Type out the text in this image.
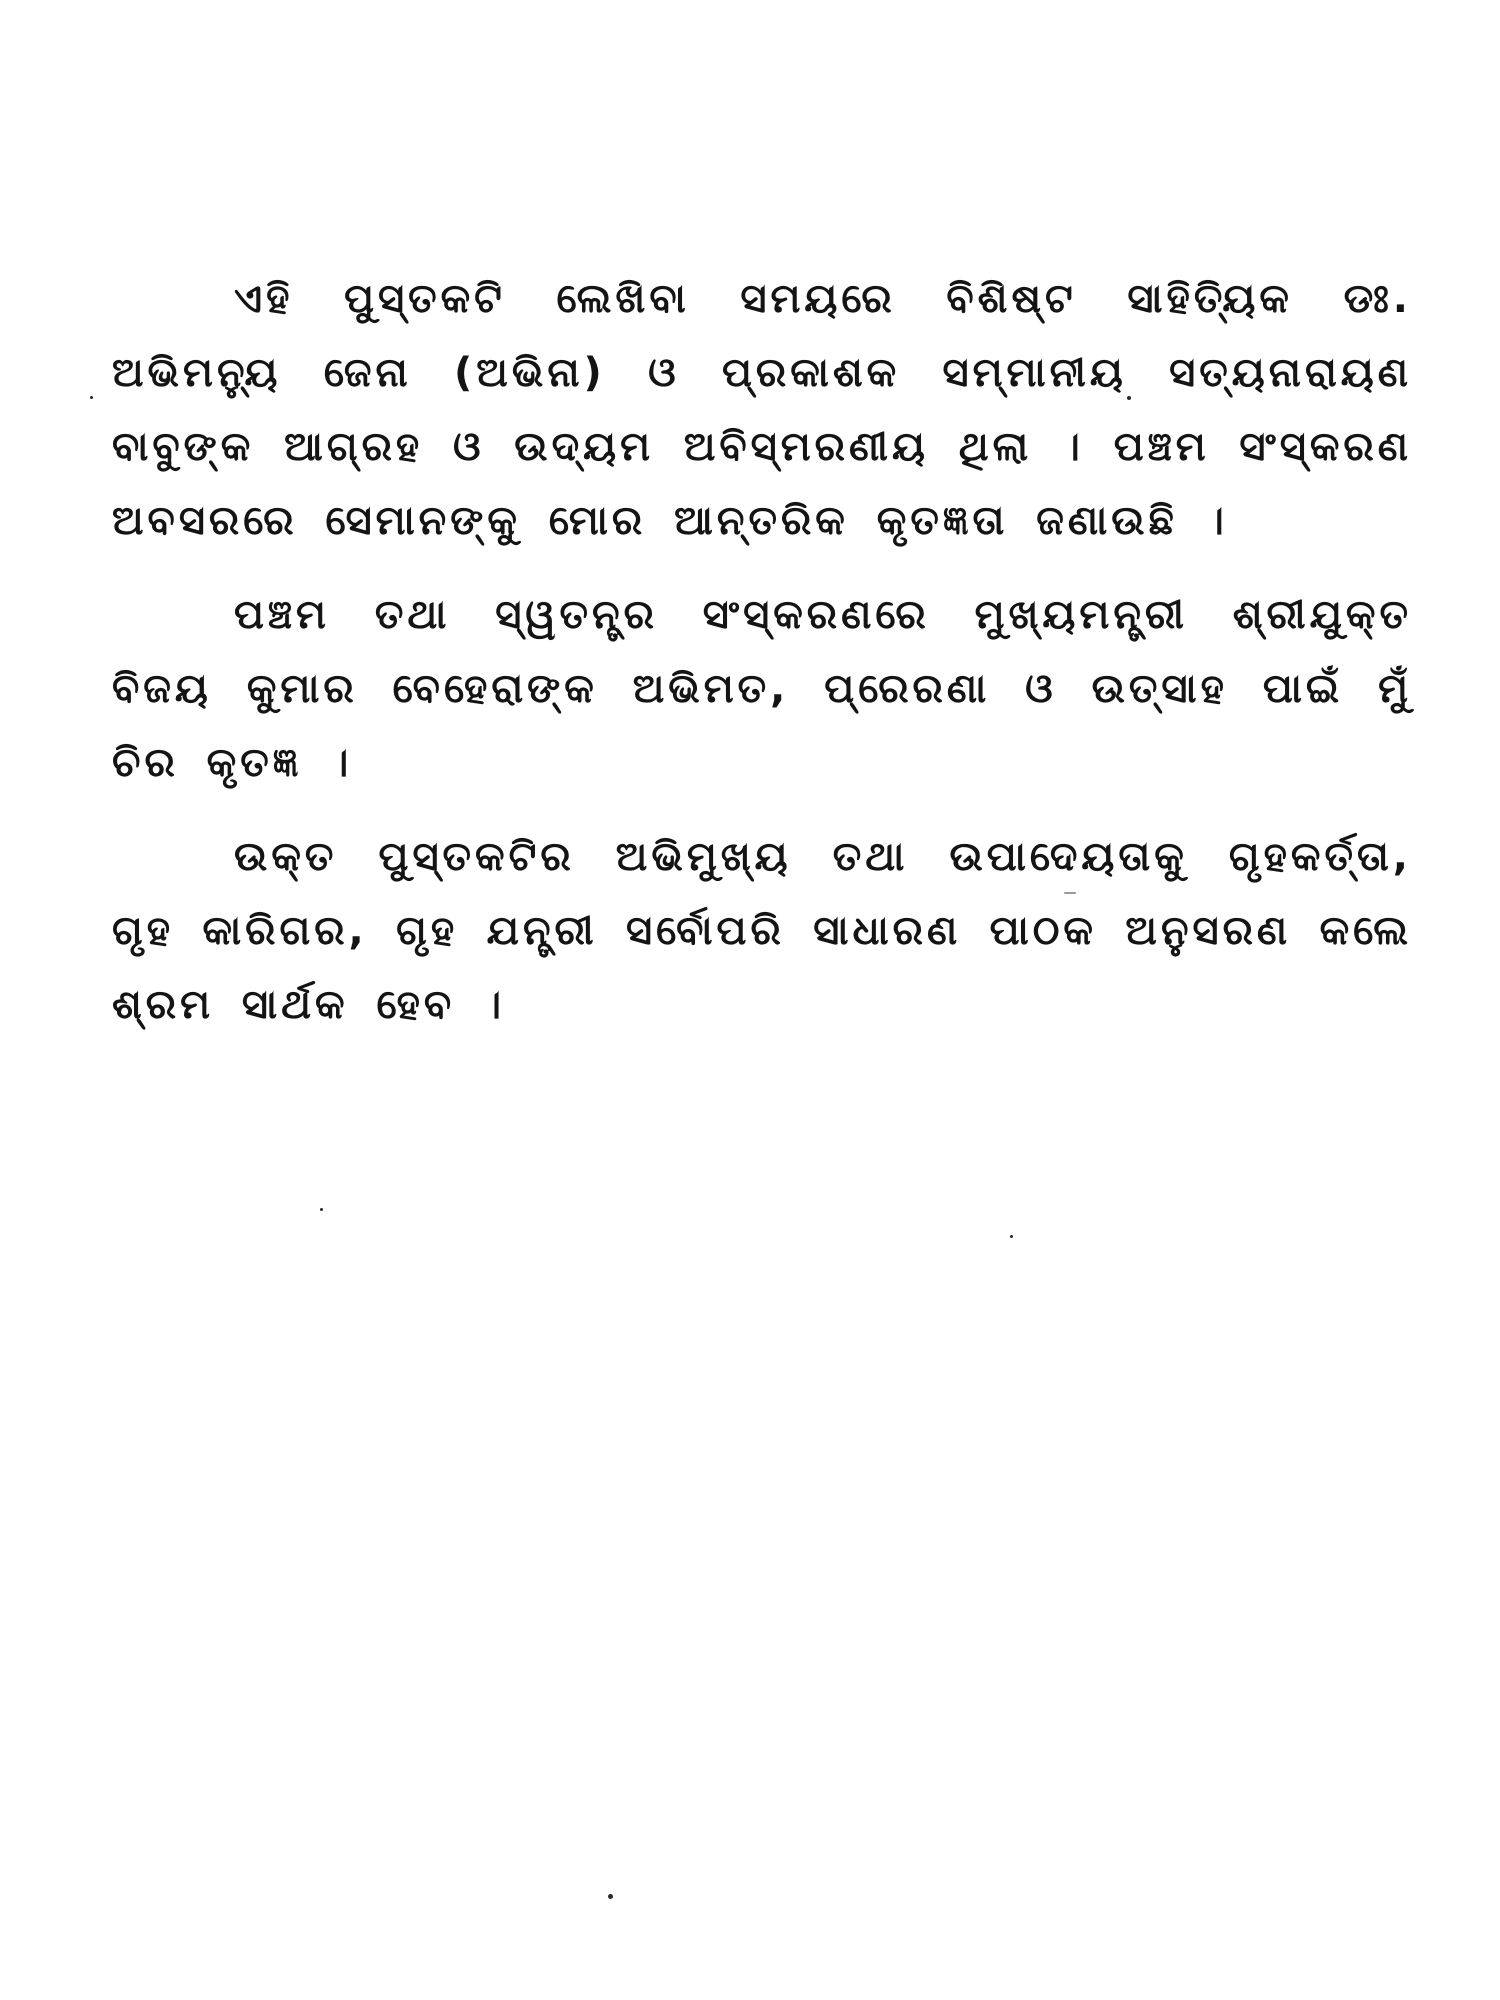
ଏହି ପୁସ୍ତକଟି ଲେଖିବା ସମୟରେ ବିଶିଷ୍ଟ ସାହିତ୍ୟିକ ଡଃ. ଅଭିମନ୍ୟୁ ଜେନା (ଅଭିନା) ଓ ପ୍ରକାଶକ ସମ୍ମାନୀୟ ସତ୍ୟନାରାୟଣ ବାବୁଙ୍କ ଆଗ୍ରହ ଓ ଉଦ୍ୟମ ଅବିସ୍ମରଣୀୟ ଥିଲା । ପଞ୍ଚମ ସଂସ୍କରଣ ଅବସରରେ ସେମାନଙ୍କୁ ମୋର ଆନ୍ତରିକ କୃତଜ୍ଞତା ଜଣାଉଛି ।

ପଞ୍ଚମ ତଥା ସ୍ୱତନ୍ତ୍ର ସଂସ୍କରଣରେ ମୁଖ୍ୟମନ୍ତ୍ରୀ ଶ୍ରୀଯୁକ୍ତ ବିଜୟ କୁମାର ବେହେରାଙ୍କ ଅଭିମତ, ପ୍ରେରଣା ଓ ଉତ୍ସାହ ପାଇଁ ମୁଁ ଚିର କୃତଜ୍ଞ ।

ଉକ୍ତ ପୁସ୍ତକଟିର ଅଭିମୁଖ୍ୟ ତଥା ଉପାଦେୟତାକୁ ଗୃହକର୍ତ୍ତା, ଗୃହ କାରିଗର, ଗୃହ ଯନ୍ତ୍ରୀ ସର୍ବୋପରି ସାଧାରଣ ପାଠକ ଅନୁସରଣ କଲେ ଶ୍ରମ ସାର୍ଥକ ହେବ ।
